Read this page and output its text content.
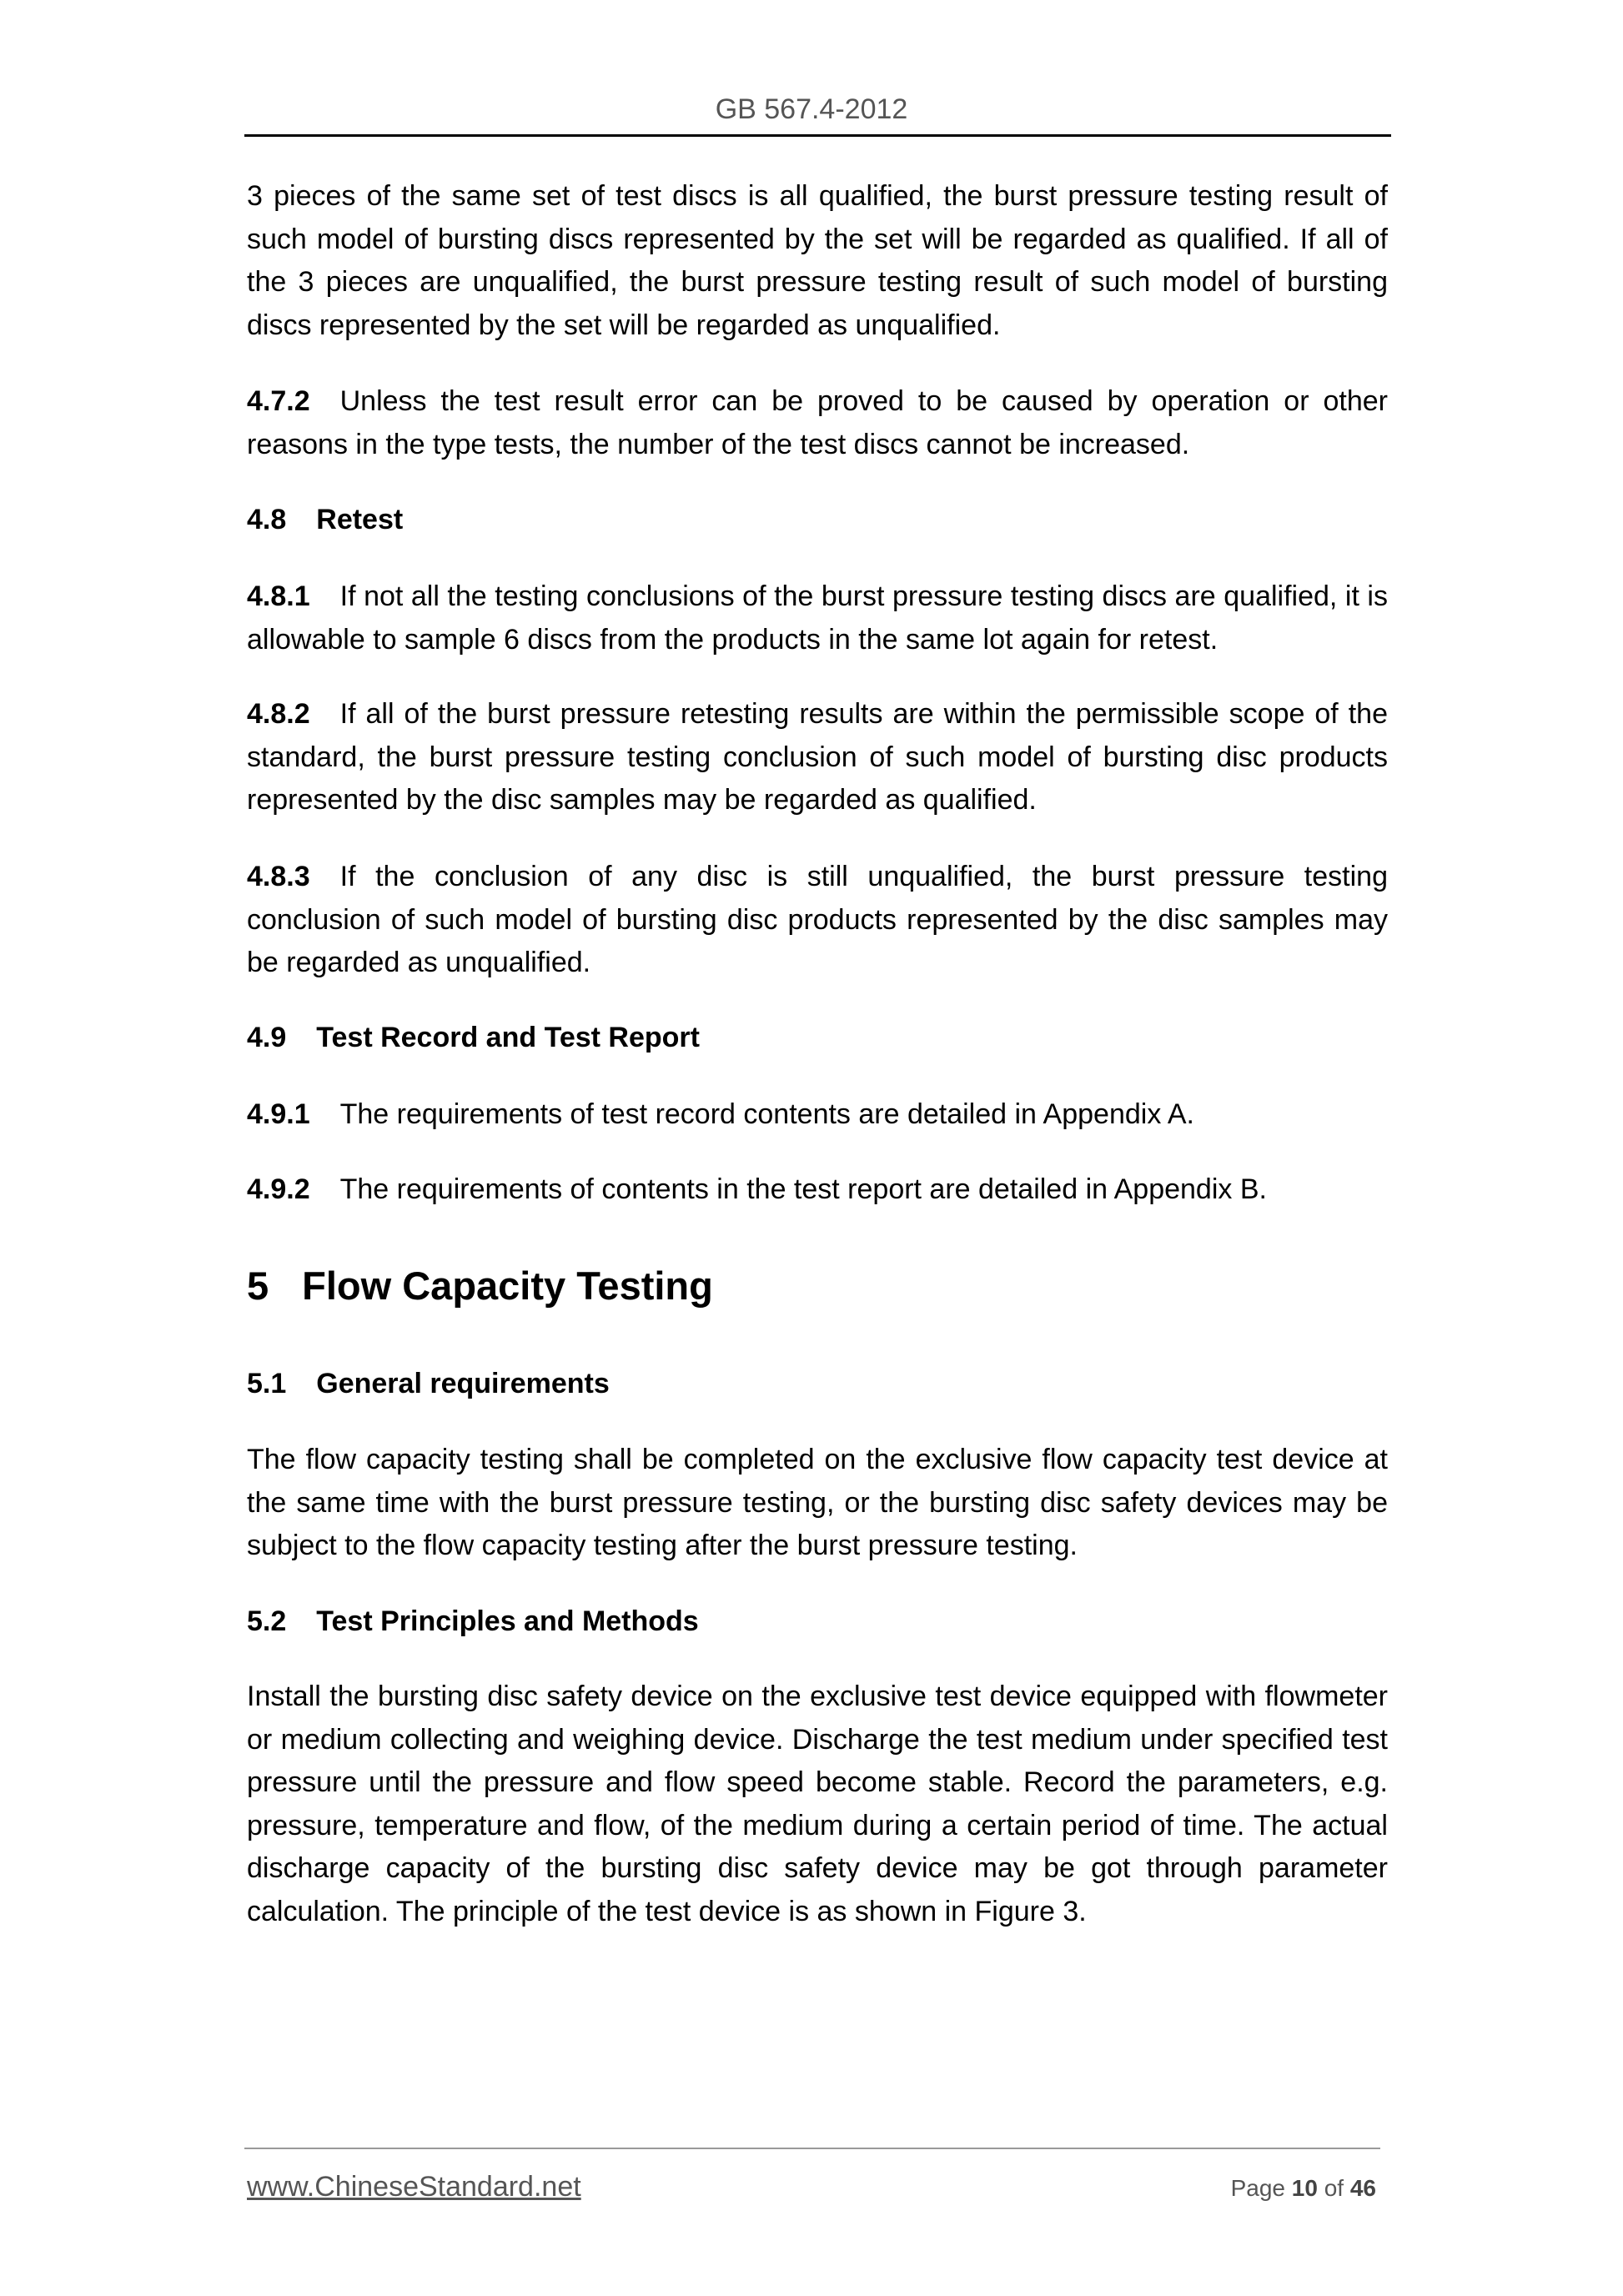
GB 567.4-2012

3 pieces of the same set of test discs is all qualified, the burst pressure testing result of such model of bursting discs represented by the set will be regarded as qualified. If all of the 3 pieces are unqualified, the burst pressure testing result of such model of bursting discs represented by the set will be regarded as unqualified.

4.7.2 Unless the test result error can be proved to be caused by operation or other reasons in the type tests, the number of the test discs cannot be increased.

4.8 Retest

4.8.1 If not all the testing conclusions of the burst pressure testing discs are qualified, it is allowable to sample 6 discs from the products in the same lot again for retest.

4.8.2 If all of the burst pressure retesting results are within the permissible scope of the standard, the burst pressure testing conclusion of such model of bursting disc products represented by the disc samples may be regarded as qualified.

4.8.3 If the conclusion of any disc is still unqualified, the burst pressure testing conclusion of such model of bursting disc products represented by the disc samples may be regarded as unqualified.

4.9 Test Record and Test Report

4.9.1 The requirements of test record contents are detailed in Appendix A.

4.9.2 The requirements of contents in the test report are detailed in Appendix B.

5 Flow Capacity Testing

5.1 General requirements

The flow capacity testing shall be completed on the exclusive flow capacity test device at the same time with the burst pressure testing, or the bursting disc safety devices may be subject to the flow capacity testing after the burst pressure testing.

5.2 Test Principles and Methods

Install the bursting disc safety device on the exclusive test device equipped with flowmeter or medium collecting and weighing device. Discharge the test medium under specified test pressure until the pressure and flow speed become stable. Record the parameters, e.g. pressure, temperature and flow, of the medium during a certain period of time. The actual discharge capacity of the bursting disc safety device may be got through parameter calculation. The principle of the test device is as shown in Figure 3.

www.ChineseStandard.net	Page 10 of 46
